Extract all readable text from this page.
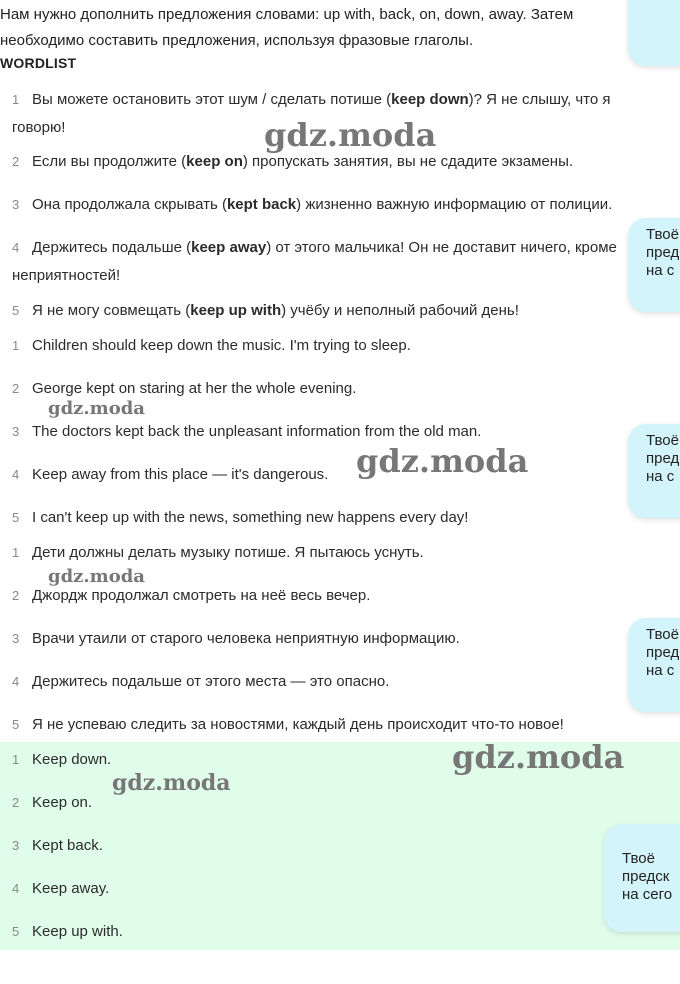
Нам нужно дополнить предложения словами: up with, back, on, down, away. Затем необходимо составить предложения, используя фразовые глаголы.
WORDLIST
1 Вы можете остановить этот шум / сделать потише (keep down)? Я не слышу, что я говорю!
2 Если вы продолжите (keep on) пропускать занятия, вы не сдадите экзамены.
3 Она продолжала скрывать (kept back) жизненно важную информацию от полиции.
4 Держитесь подальше (keep away) от этого мальчика! Он не доставит ничего, кроме неприятностей!
5 Я не могу совмещать (keep up with) учёбу и неполный рабочий день!
1 Children should keep down the music. I'm trying to sleep.
2 George kept on staring at her the whole evening.
3 The doctors kept back the unpleasant information from the old man.
4 Keep away from this place — it's dangerous.
5 I can't keep up with the news, something new happens every day!
1 Дети должны делать музыку потише. Я пытаюсь уснуть.
2 Джордж продолжал смотреть на неё весь вечер.
3 Врачи утаили от старого человека неприятную информацию.
4 Держитесь подальше от этого места — это опасно.
5 Я не успеваю следить за новостями, каждый день происходит что-то новое!
1 Keep down.
2 Keep on.
3 Kept back.
4 Keep away.
5 Keep up with.
Твоё
пред
на с
Твоё
пред
на с
Твоё
пред
на с
Твоё
предск
на сего
gdz.moda
gdz.moda
gdz.moda
gdz.moda
gdz.moda
gdz.moda
